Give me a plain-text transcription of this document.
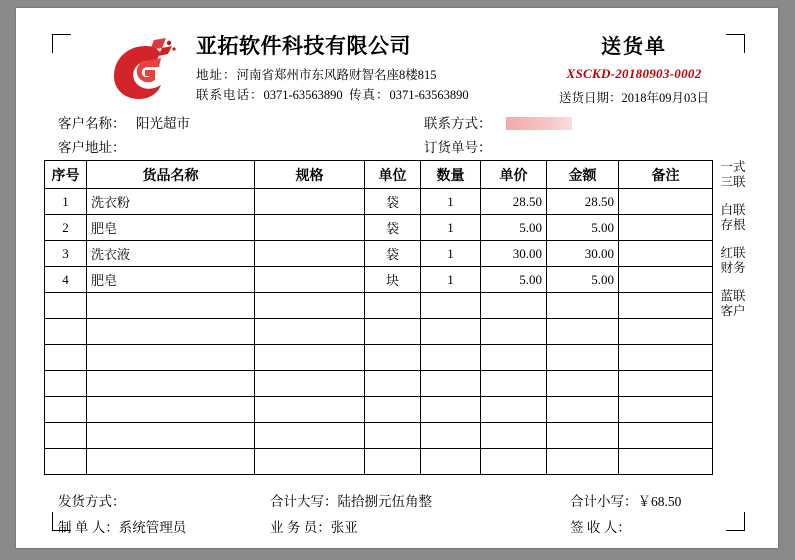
亚拓软件科技有限公司
地址：河南省郑州市东风路财智名座8楼815
联系电话：0371-63563890 传真：0371-63563890
送货单
XSCKD-20180903-0002
送货日期：2018年09月03日
客户名称： 阳光超市	联系方式：
客户地址：	订货单号：
序号	货品名称	规格	单位	数量	单价	金额	备注
1	洗衣粉		袋	1	28.50	28.50	
2	肥皂		袋	1	5.00	5.00	
3	洗衣液		袋	1	30.00	30.00	
4	肥皂		块	1	5.00	5.00	

一式三联
白联存根
红联财务
蓝联客户
发货方式：	合计大写：陆拾捌元伍角整	合计小写：￥68.50
制 单 人：系统管理员	业 务 员：张亚	签 收 人：
